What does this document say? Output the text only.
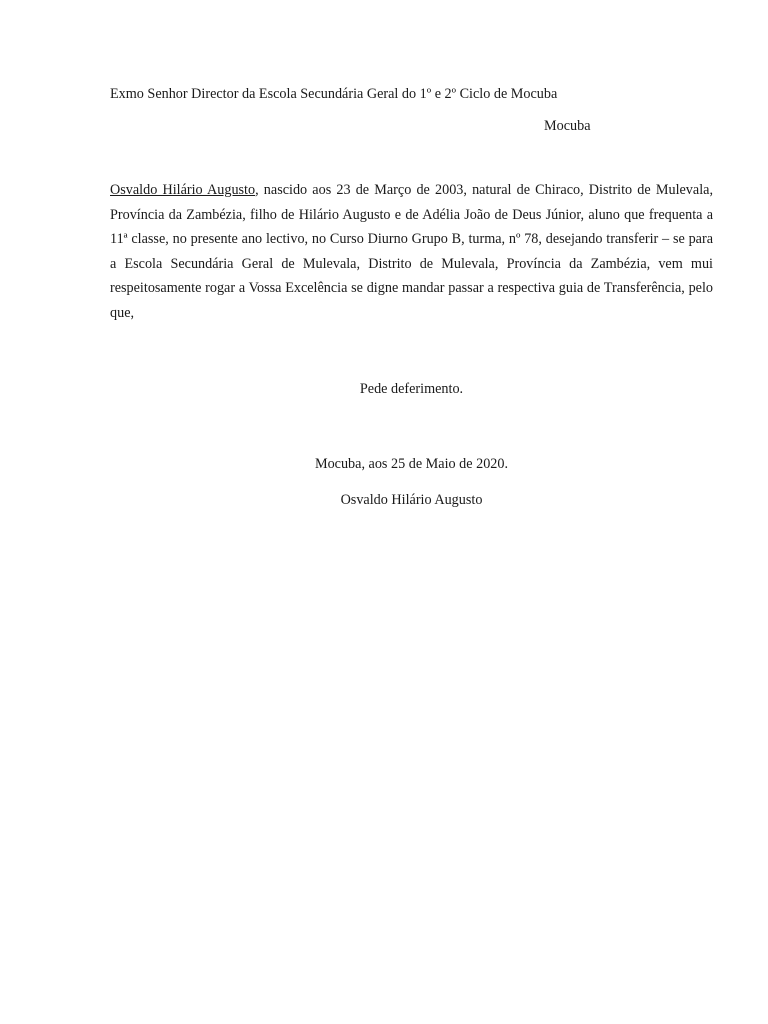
Exmo Senhor Director da Escola Secundária Geral do 1º e 2º Ciclo de Mocuba
Mocuba
Osvaldo Hilário Augusto, nascido aos 23 de Março de 2003, natural de Chiraco, Distrito de Mulevala, Província da Zambézia, filho de Hilário Augusto e de Adélia João de Deus Júnior, aluno que frequenta a 11ª classe, no presente ano lectivo, no Curso Diurno Grupo B, turma, nº 78, desejando transferir – se para a Escola Secundária Geral de Mulevala, Distrito de Mulevala, Província da Zambézia, vem mui respeitosamente rogar a Vossa Excelência se digne mandar passar a respectiva guia de Transferência, pelo que,
Pede deferimento.
Mocuba, aos 25 de Maio de 2020.
Osvaldo Hilário Augusto
